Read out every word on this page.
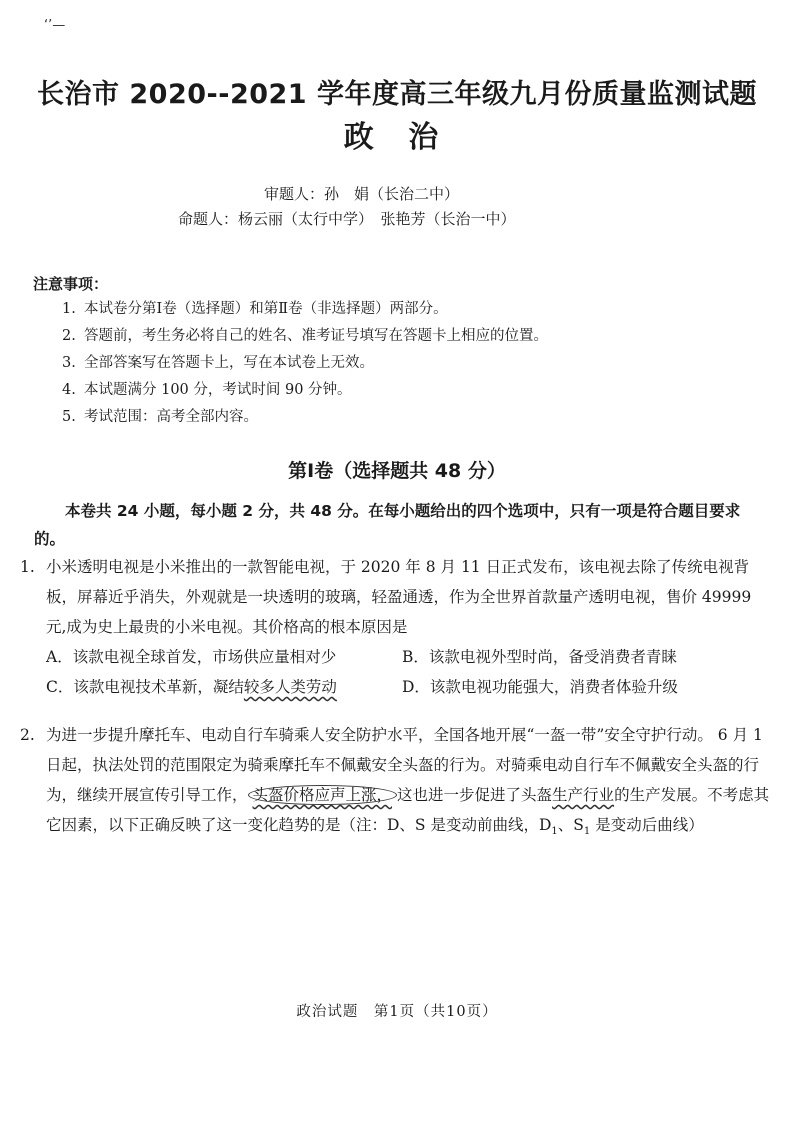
‘’—
长治市 2020--2021 学年度高三年级九月份质量监测试题
政 治
审题人：孙　娟（长治二中）
命题人：杨云丽（太行中学）　张艳芳（长治一中）
注意事项：
1. 本试卷分第Ⅰ卷（选择题）和第Ⅱ卷（非选择题）两部分。
2. 答题前，考生务必将自己的姓名、准考证号填写在答题卡上相应的位置。
3. 全部答案写在答题卡上，写在本试卷上无效。
4. 本试题满分 100 分，考试时间 90 分钟。
5. 考试范围：高考全部内容。
第Ⅰ卷（选择题共 48 分）
本卷共 24 小题，每小题 2 分，共 48 分。在每小题给出的四个选项中，只有一项是符合题目要求的。

1. 小米透明电视是小米推出的一款智能电视，于 2020 年 8 月 11 日正式发布，该电视去除了传统电视背板，屏幕近乎消失，外观就是一块透明的玻璃，轻盈通透，作为全世界首款量产透明电视，售价 49999 元,成为史上最贵的小米电视。其价格高的根本原因是

A．该款电视全球首发，市场供应量相对少	B．该款电视外型时尚，备受消费者青睐
C．该款电视技术革新，凝结较多人类劳动	D．该款电视功能强大，消费者体验升级

2. 为进一步提升摩托车、电动自行车骑乘人安全防护水平，全国各地开展“一盔一带”安全守护行动。 6 月 1 日起，执法处罚的范围限定为骑乘摩托车不佩戴安全头盔的行为。对骑乘电动自行车不佩戴安全头盔的行为，继续开展宣传引导工作， 头盔价格应声上涨， 这也进一步促进了头盔生产行业的生产发展。不考虑其它因素，以下正确反映了这一变化趋势的是（注：D、S 是变动前曲线，$D_1$、$S_1$ 是变动后曲线）

政治试题　第1页（共10页）
